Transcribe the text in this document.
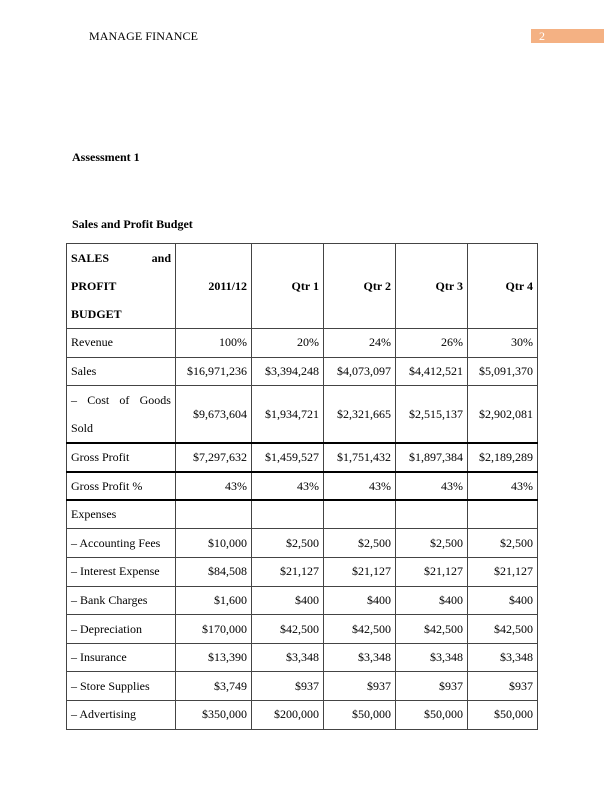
MANAGE FINANCE	2
Assessment 1
Sales and Profit Budget
SALES and
PROFIT
BUDGET	2011/12	Qtr 1	Qtr 2	Qtr 3	Qtr 4
Revenue	100%	20%	24%	26%	30%
Sales	$16,971,236	$3,394,248	$4,073,097	$4,412,521	$5,091,370

– Cost of Goods
Sold	$9,673,604	$1,934,721	$2,321,665	$2,515,137	$2,902,081
Gross Profit	$7,297,632	$1,459,527	$1,751,432	$1,897,384	$2,189,289
Gross Profit %	43%	43%	43%	43%	43%
Expenses					
– Accounting Fees	$10,000	$2,500	$2,500	$2,500	$2,500
– Interest Expense	$84,508	$21,127	$21,127	$21,127	$21,127
– Bank Charges	$1,600	$400	$400	$400	$400
– Depreciation	$170,000	$42,500	$42,500	$42,500	$42,500
– Insurance	$13,390	$3,348	$3,348	$3,348	$3,348
– Store Supplies	$3,749	$937	$937	$937	$937
– Advertising	$350,000	$200,000	$50,000	$50,000	$50,000
